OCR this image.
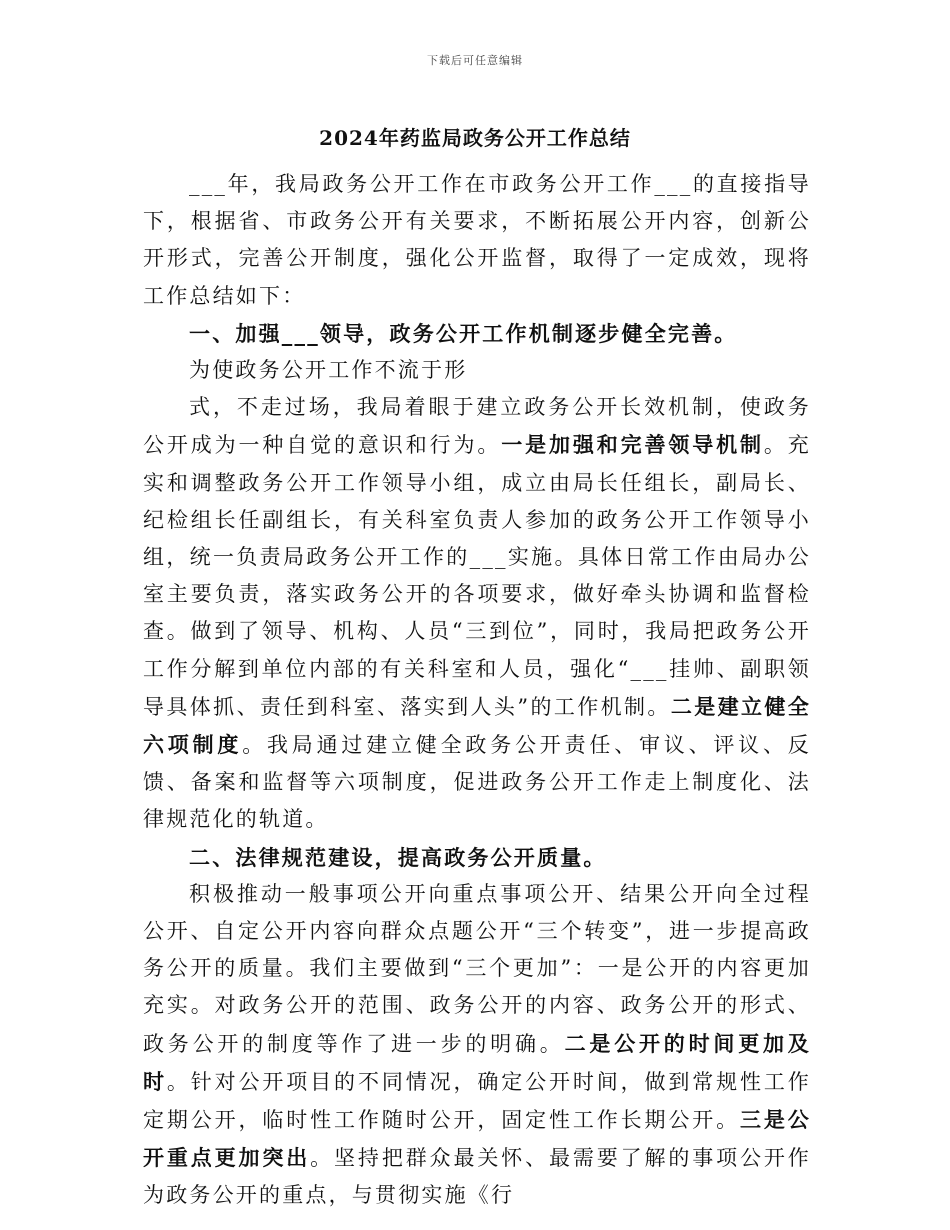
下载后可任意编辑
2024年药监局政务公开工作总结

___年，我局政务公开工作在市政务公开工作___的直接指导下，根据省、市政务公开有关要求，不断拓展公开内容，创新公开形式，完善公开制度，强化公开监督，取得了一定成效，现将工作总结如下：

一、加强___领导，政务公开工作机制逐步健全完善。

为使政务公开工作不流于形

式，不走过场，我局着眼于建立政务公开长效机制，使政务公开成为一种自觉的意识和行为。一是加强和完善领导机制。充实和调整政务公开工作领导小组，成立由局长任组长，副局长、纪检组长任副组长，有关科室负责人参加的政务公开工作领导小组，统一负责局政务公开工作的___实施。具体日常工作由局办公室主要负责，落实政务公开的各项要求，做好牵头协调和监督检查。做到了领导、机构、人员“三到位”，同时，我局把政务公开工作分解到单位内部的有关科室和人员，强化“___挂帅、副职领导具体抓、责任到科室、落实到人头”的工作机制。二是建立健全六项制度。我局通过建立健全政务公开责任、审议、评议、反馈、备案和监督等六项制度，促进政务公开工作走上制度化、法律规范化的轨道。

二、法律规范建设，提高政务公开质量。

积极推动一般事项公开向重点事项公开、结果公开向全过程公开、自定公开内容向群众点题公开“三个转变”，进一步提高政务公开的质量。我们主要做到“三个更加”：一是公开的内容更加充实。对政务公开的范围、政务公开的内容、政务公开的形式、政务公开的制度等作了进一步的明确。二是公开的时间更加及时。针对公开项目的不同情况，确定公开时间，做到常规性工作定期公开，临时性工作随时公开，固定性工作长期公开。三是公开重点更加突出。坚持把群众最关怀、最需要了解的事项公开作为政务公开的重点，与贯彻实施《行
